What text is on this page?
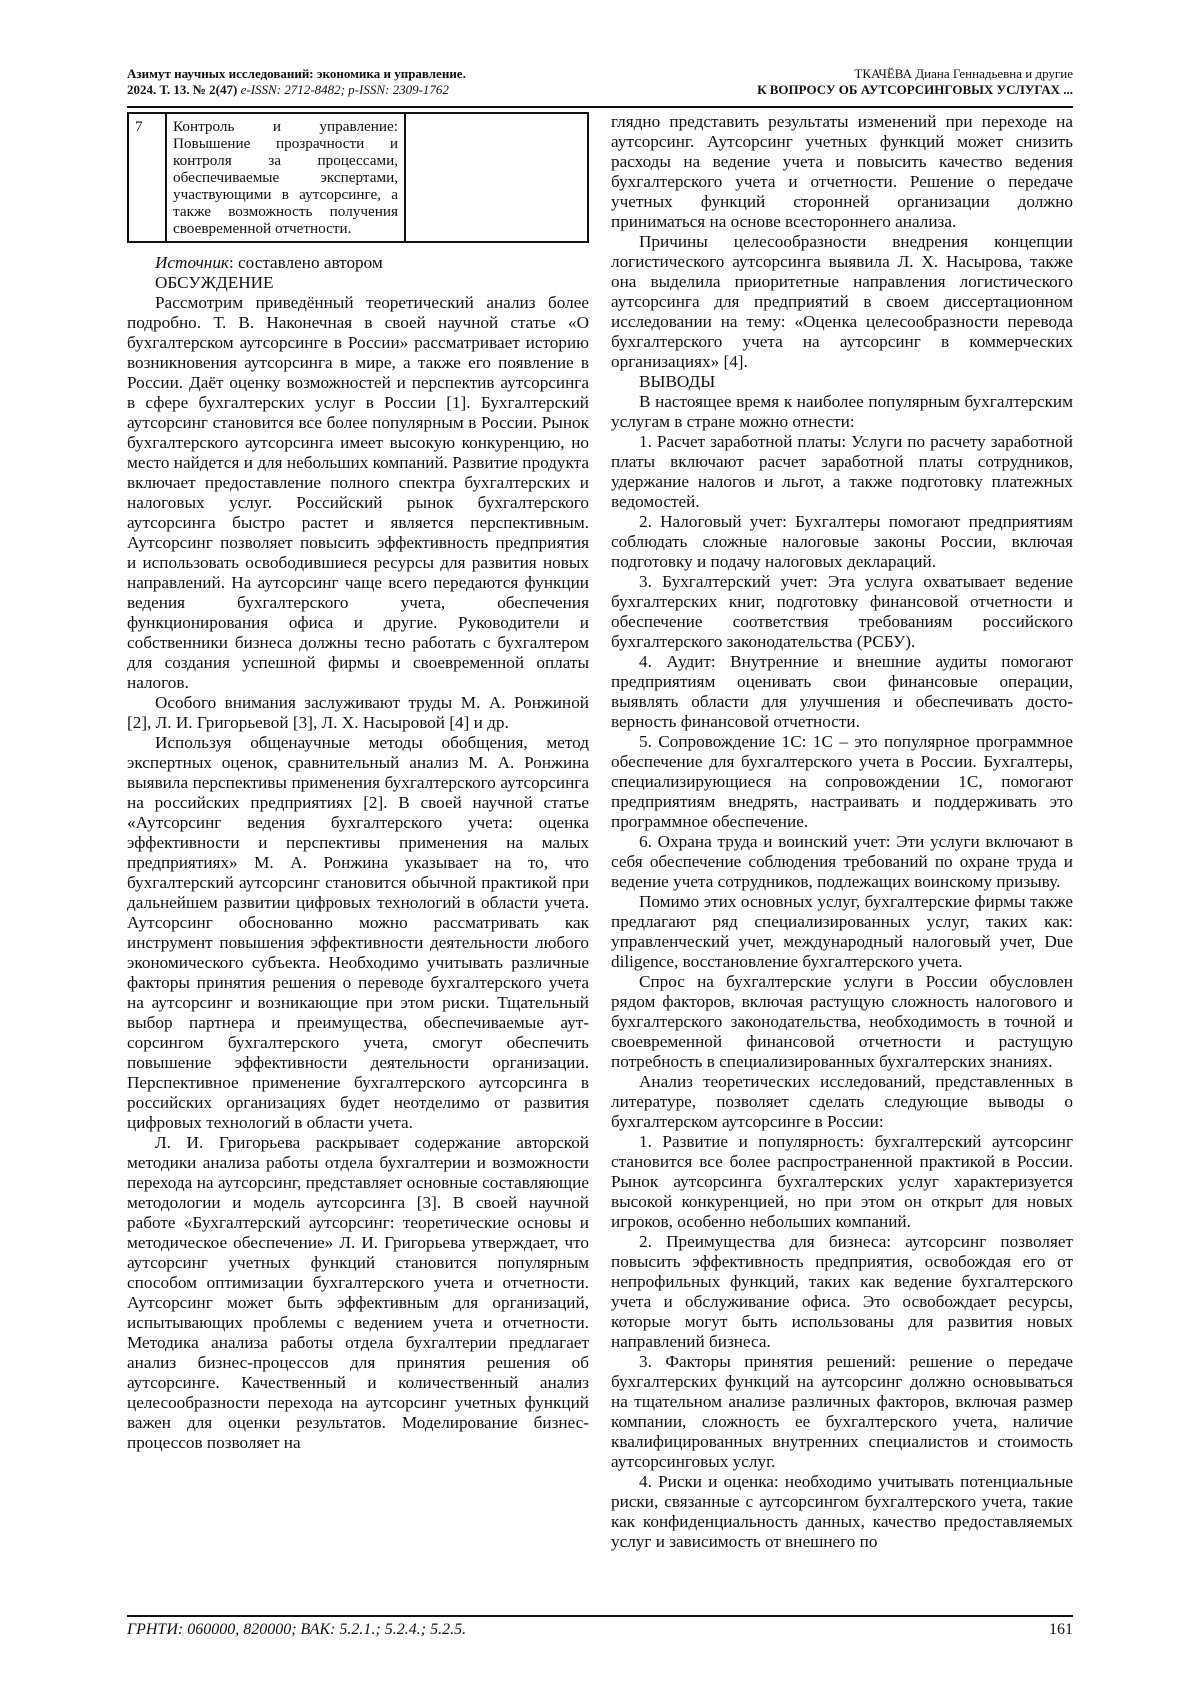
Азимут научных исследований: экономика и управление.
2024. Т. 13. № 2(47) e-ISSN: 2712-8482; p-ISSN: 2309-1762
ТКАЧЁВА Диана Геннадьевна и другие
К ВОПРОСУ ОБ АУТСОРСИНГОВЫХ УСЛУГАХ ...
7	Контроль и управление: Повышение прозрачности и контроля за процессами, обеспечиваемые экспертами, участвующими в аутсорсинге, а также возможность получения своевременной отчетности.	

Источник: составлено автором

ОБСУЖДЕНИЕ

Рассмотрим приведённый теоретический анализ более подробно. Т. В. Наконечная в своей научной статье «О бухгалтерском аутсорсинге в России» рассматривает историю возникновения аутсорсинга в мире, а также его появление в России. Даёт оценку возможностей и перспектив аутсорсинга в сфере бухгалтерских услуг в России [1]. Бухгалтерский аутсорсинг становится все более популярным в России. Рынок бухгалтерского аутсорсинга имеет высокую конкуренцию, но место найдется и для небольших компаний. Развитие продукта включает предоставление полного спектра бухгалтерских и налоговых услуг. Российский рынок бухгалтерского аутсорсинга быстро растет и является перспективным. Аутсорсинг позволяет повысить эффективность предприятия и использовать освободившиеся ресурсы для развития новых направлений. На аутсорсинг чаще всего передаются функции ведения бухгалтерского учета, обеспечения функционирования офиса и другие. Руководители и собственники бизнеса должны тесно работать с бухгалтером для создания успешной фирмы и своевременной оплаты налогов.

Особого внимания заслуживают труды М. А. Ронжиной [2], Л. И. Григорьевой [3], Л. Х. Насыровой [4] и др.

Используя общенаучные методы обобщения, метод экспертных оценок, сравнительный анализ М. А. Ронжина выявила перспективы применения бухгалтерского аутсорсинга на российских предприятиях [2]. В своей научной статье «Аутсорсинг ведения бухгалтерского учета: оценка эффективности и перспективы применения на малых предприятиях» М. А. Ронжина указывает на то, что бухгалтерский аутсорсинг становится обычной практикой при дальнейшем развитии цифровых технологий в области учета. Аутсорсинг обоснованно можно рассматривать как инструмент повышения эффективности деятельности любого экономического субъекта. Необходимо учитывать различные факторы принятия решения о переводе бухгалтерского учета на аутсорсинг и возникающие при этом риски. Тщательный выбор партнера и преимущества, обеспечиваемые аутсорсингом бухгалтерского учета, смогут обеспечить повышение эффективности деятельности организации. Перспективное применение бухгалтерского аутсорсинга в российских организациях будет неотделимо от развития цифровых технологий в области учета.

Л. И. Григорьева раскрывает содержание авторской методики анализа работы отдела бухгалтерии и возможности перехода на аутсорсинг, представляет основные составляющие методологии и модель аутсорсинга [3]. В своей научной работе «Бухгалтерский аутсорсинг: теоретические основы и методическое обеспечение» Л. И. Григорьева утверждает, что аутсорсинг учетных функций становится популярным способом оптимизации бухгалтерского учета и отчетности. Аутсорсинг может быть эффективным для организаций, испытывающих проблемы с ведением учета и отчетности. Методика анализа работы отдела бухгалтерии предлагает анализ бизнес-процессов для принятия решения об аутсорсинге. Качественный и количественный анализ целесообразности перехода на аутсорсинг учетных функций важен для оценки результатов. Моделирование бизнес-процессов позволяет на

глядно представить результаты изменений при переходе на аутсорсинг. Аутсорсинг учетных функций может снизить расходы на ведение учета и повысить качество ведения бухгалтерского учета и отчетности. Решение о передаче учетных функций сторонней организации должно приниматься на основе всестороннего анализа.

Причины целесообразности внедрения концепции логистического аутсорсинга выявила Л. Х. Насырова, также она выделила приоритетные направления логистического аутсорсинга для предприятий в своем диссертационном исследовании на тему: «Оценка целесообразности перевода бухгалтерского учета на аутсорсинг в коммерческих организациях» [4].

ВЫВОДЫ

В настоящее время к наиболее популярным бухгалтерским услугам в стране можно отнести:

1. Расчет заработной платы: Услуги по расчету заработной платы включают расчет заработной платы сотрудников, удержание налогов и льгот, а также подготовку платежных ведомостей.

2. Налоговый учет: Бухгалтеры помогают предприятиям соблюдать сложные налоговые законы России, включая подготовку и подачу налоговых деклараций.

3. Бухгалтерский учет: Эта услуга охватывает ведение бухгалтерских книг, подготовку финансовой отчетности и обеспечение соответствия требованиям российского бухгалтерского законодательства (РСБУ).

4. Аудит: Внутренние и внешние аудиты помогают предприятиям оценивать свои финансовые операции, выявлять области для улучшения и обеспечивать достоверность финансовой отчетности.

5. Сопровождение 1С: 1С – это популярное программное обеспечение для бухгалтерского учета в России. Бухгалтеры, специализирующиеся на сопровождении 1С, помогают предприятиям внедрять, настраивать и поддерживать это программное обеспечение.

6. Охрана труда и воинский учет: Эти услуги включают в себя обеспечение соблюдения требований по охране труда и ведение учета сотрудников, подлежащих воинскому призыву.

Помимо этих основных услуг, бухгалтерские фирмы также предлагают ряд специализированных услуг, таких как: управленческий учет, международный налоговый учет, Due diligence, восстановление бухгалтерского учета.

Спрос на бухгалтерские услуги в России обусловлен рядом факторов, включая растущую сложность налогового и бухгалтерского законодательства, необходимость в точной и своевременной финансовой отчетности и растущую потребность в специализированных бухгалтерских знаниях.

Анализ теоретических исследований, представленных в литературе, позволяет сделать следующие выводы о бухгалтерском аутсорсинге в России:

1. Развитие и популярность: бухгалтерский аутсорсинг становится все более распространенной практикой в России. Рынок аутсорсинга бухгалтерских услуг характеризуется высокой конкуренцией, но при этом он открыт для новых игроков, особенно небольших компаний.

2. Преимущества для бизнеса: аутсорсинг позволяет повысить эффективность предприятия, освобождая его от непрофильных функций, таких как ведение бухгалтерского учета и обслуживание офиса. Это освобождает ресурсы, которые могут быть использованы для развития новых направлений бизнеса.

3. Факторы принятия решений: решение о передаче бухгалтерских функций на аутсорсинг должно основываться на тщательном анализе различных факторов, включая размер компании, сложность ее бухгалтерского учета, наличие квалифицированных внутренних специалистов и стоимость аутсорсинговых услуг.

4. Риски и оценка: необходимо учитывать потенциальные риски, связанные с аутсорсингом бухгалтерского учета, такие как конфиденциальность данных, качество предоставляемых услуг и зависимость от внешнего по

ГРНТИ: 060000, 820000; ВАК: 5.2.1.; 5.2.4.; 5.2.5.	161
